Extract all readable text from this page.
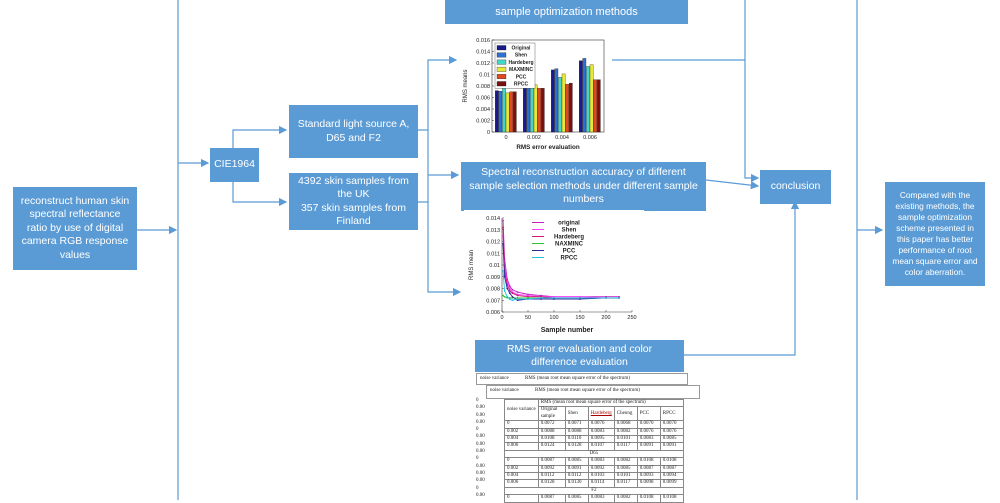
sample optimization methods
reconstruct human skin spectral reflectance ratio by use of digital camera RGB response values
CIE1964
Standard light source A, D65 and F2
4392 skin samples from the UK
357 skin samples from Finland
Spectral reconstruction accuracy of different sample selection methods under different sample numbers
conclusion
Compared with the existing methods, the sample optimization scheme presented in this paper has better performance of root mean square error and color aberration.
RMS error evaluation and color difference evaluation
0
0.002
0.004
0.006
0.008
0.01
0.012
0.014
0.016
0	0.002	0.004	0.006
RMS error evaluation
RMS means
Original
Shen
Hardeberg
MAXMINC
PCC
RPCC
0.006
0.007
0.008
0.009
0.01
0.011
0.012
0.013
0.014
0	50	100	150	200	250
Sample number
RMS mean
original
Shen
Hardeberg
NAXMINC
PCC
RPCC
noise variance	RMS (mean root mean square error of the spectrum)
noise variance	RMS (mean root mean square error of the spectrum)
0
0.00
0.00
0.00
0
0.00
0.00
0.00
0
0.00
0.00
0.00
0
0.00
noise variance	RMS (mean root mean square error of the spectrum)					
	Original sample	Shen	Hardeberg	Cheung	PCC	RPCC
0	0.0072	0.0071	0.0076	0.0068	0.0070	0.0070
0.002	0.0088	0.0088	0.0083	0.0082	0.0076	0.0076
0.004	0.0108	0.0110	0.0095	0.0101	0.0083	0.0085
0.006	0.0124	0.0128	0.0107	0.0117	0.0091	0.0091
D65						
0	0.0087	0.0085	0.0083	0.0082	0.0108	0.0108
0.002	0.0092	0.0091	0.0092	0.0085	0.0087	0.0087
0.004	0.0112	0.0112	0.0103	0.0101	0.0093	0.0094
0.006	0.0128	0.0130	0.0114	0.0117	0.0098	0.0099
F2						
0	0.0087	0.0085	0.0083	0.0082	0.0108	0.0108
